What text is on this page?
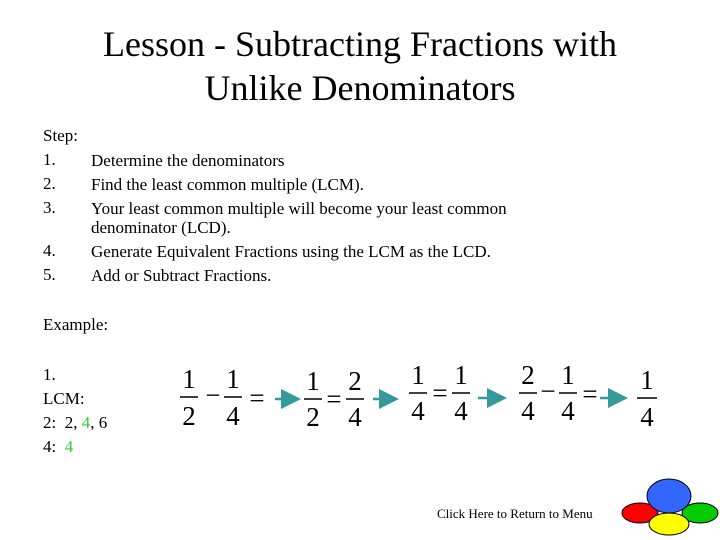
Lesson - Subtracting Fractions with
Unlike Denominators
Step:
1.	Determine the denominators
2.	Find the least common multiple (LCM).
3.	Your least common multiple will become your least common denominator (LCD).
4.	Generate Equivalent Fractions using the LCM as the LCD.
5.	Add or Subtract Fractions.
Example:
1.
LCM:
2:  2, 4, 6
4:  4
1
2
−
1
4
=
1
2
=
2
4
1
4
=
1
4
2
4
−
1
4
= 1
4
Click Here to Return to Menu
